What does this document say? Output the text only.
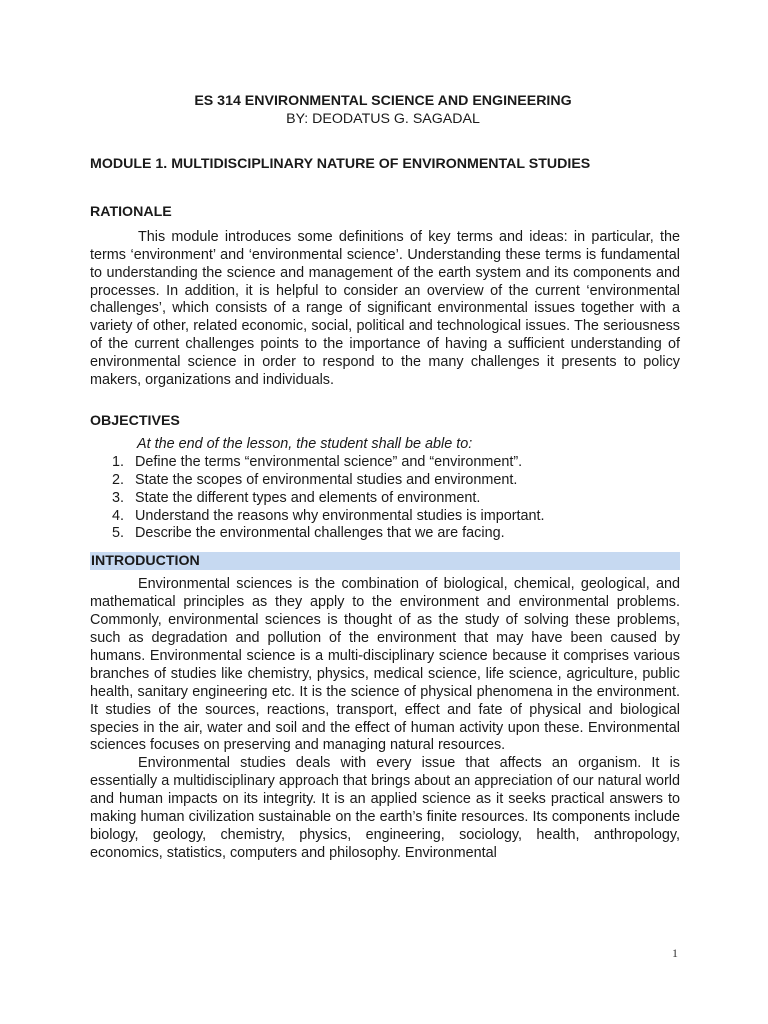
ES 314 ENVIRONMENTAL SCIENCE AND ENGINEERING
BY: DEODATUS G. SAGADAL
MODULE 1. MULTIDISCIPLINARY NATURE OF ENVIRONMENTAL STUDIES
RATIONALE

This module introduces some definitions of key terms and ideas: in particular, the terms ‘environment’ and ‘environmental science’. Understanding these terms is fundamental to understanding the science and management of the earth system and its components and processes. In addition, it is helpful to consider an overview of the current ‘environmental challenges’, which consists of a range of significant environmental issues together with a variety of other, related economic, social, political and technological issues. The seriousness of the current challenges points to the importance of having a sufficient understanding of environmental science in order to respond to the many challenges it presents to policy makers, organizations and individuals.

OBJECTIVES
At the end of the lesson, the student shall be able to:
1. Define the terms “environmental science” and “environment”.
2. State the scopes of environmental studies and environment.
3. State the different types and elements of environment.
4. Understand the reasons why environmental studies is important.
5. Describe the environmental challenges that we are facing.
INTRODUCTION

Environmental sciences is the combination of biological, chemical, geological, and mathematical principles as they apply to the environment and environmental problems. Commonly, environmental sciences is thought of as the study of solving these problems, such as degradation and pollution of the environment that may have been caused by humans. Environmental science is a multi-disciplinary science because it comprises various branches of studies like chemistry, physics, medical science, life science, agriculture, public health, sanitary engineering etc. It is the science of physical phenomena in the environment. It studies of the sources, reactions, transport, effect and fate of physical and biological species in the air, water and soil and the effect of human activity upon these. Environmental sciences focuses on preserving and managing natural resources.

Environmental studies deals with every issue that affects an organism. It is essentially a multidisciplinary approach that brings about an appreciation of our natural world and human impacts on its integrity. It is an applied science as it seeks practical answers to making human civilization sustainable on the earth’s finite resources. Its components include biology, geology, chemistry, physics, engineering, sociology, health, anthropology, economics, statistics, computers and philosophy. Environmental

1
